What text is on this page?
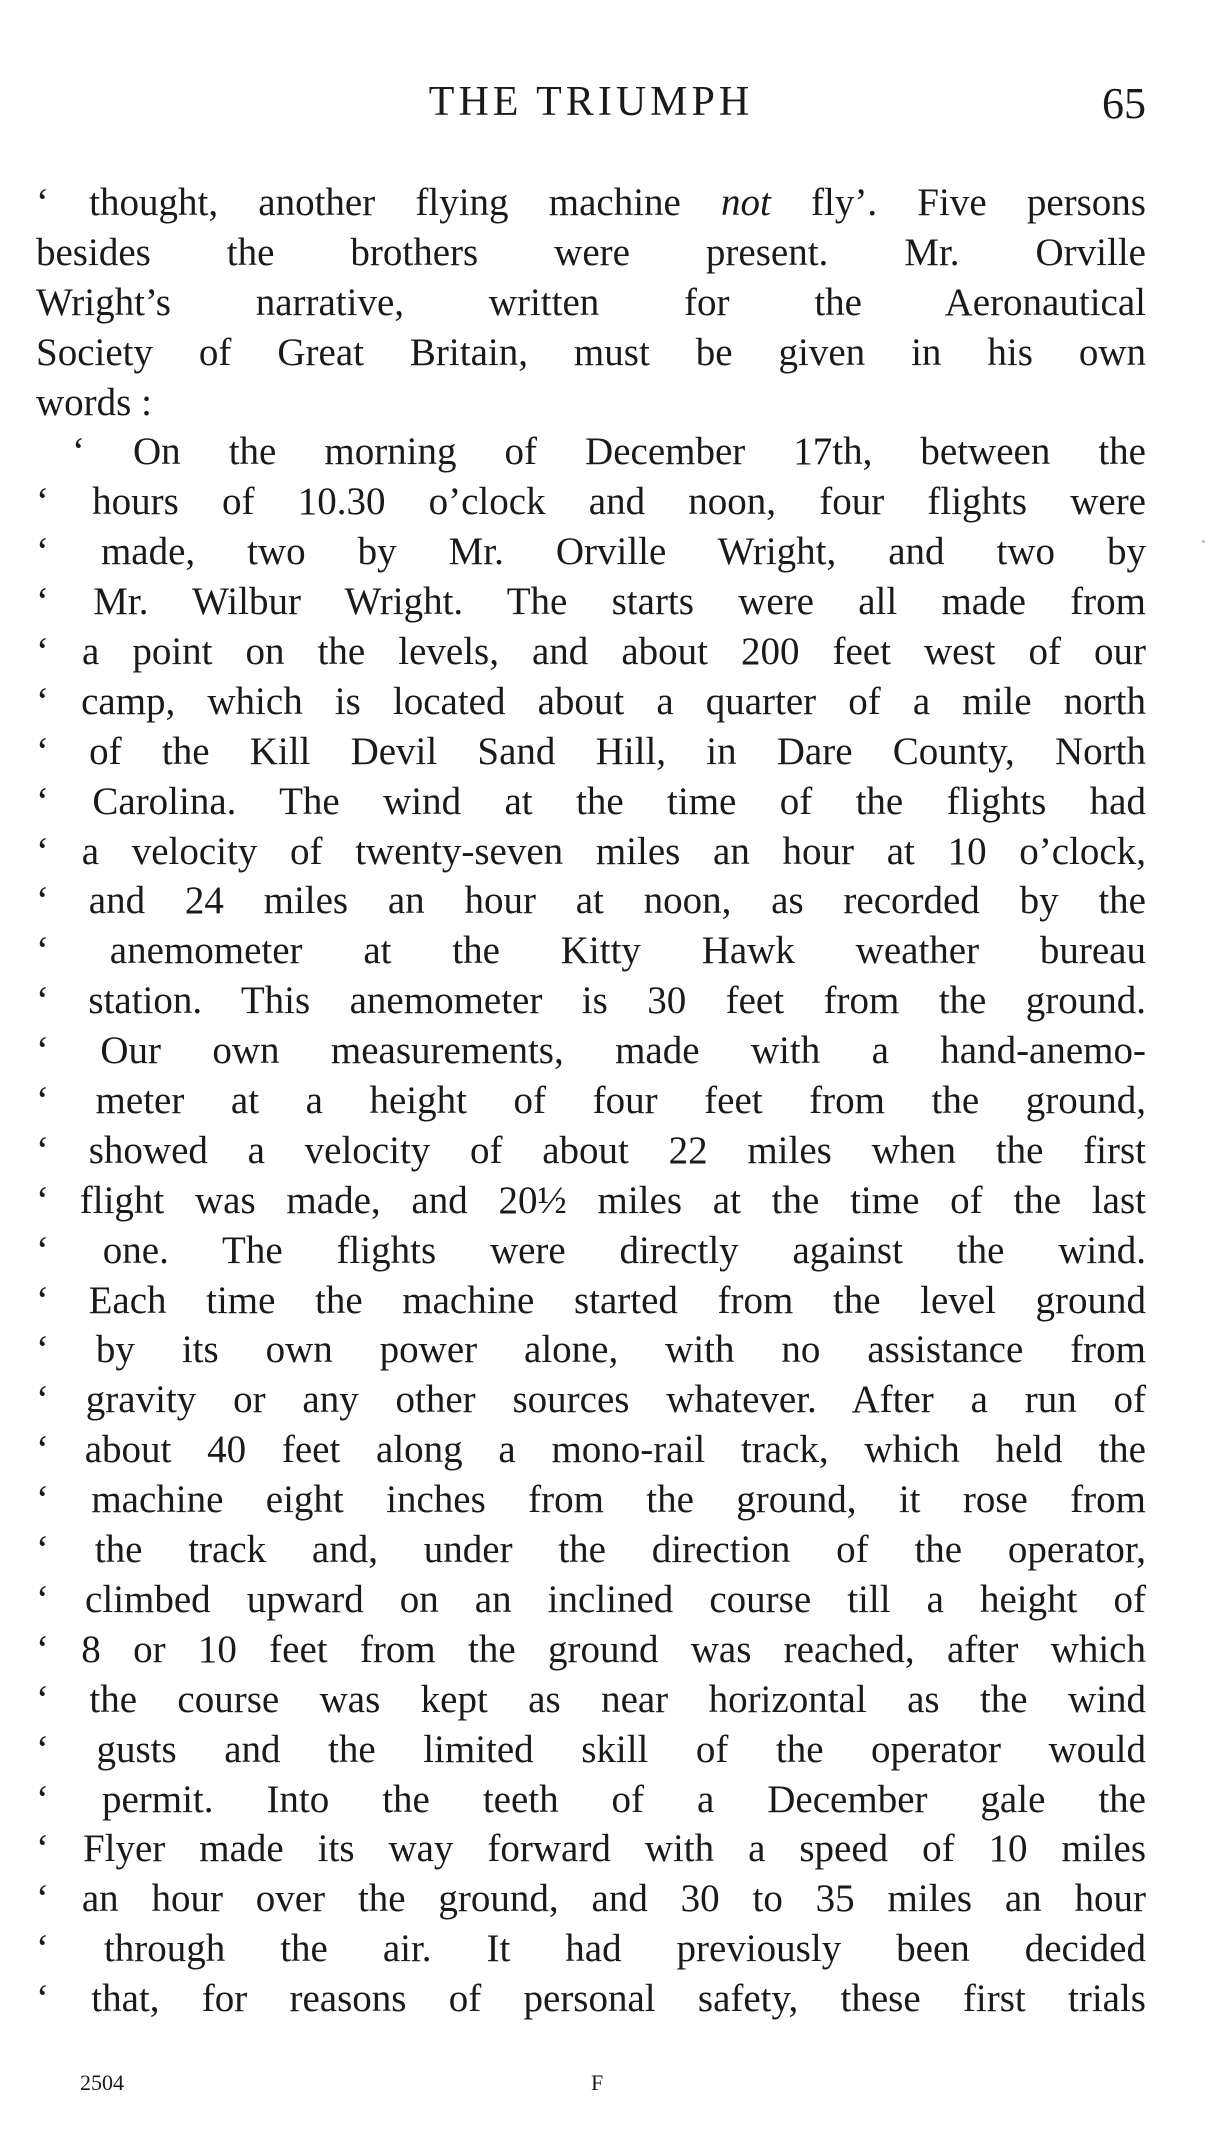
THE TRIUMPH	65
‘ thought, another flying machine not fly’. Five persons
besides the brothers were present. Mr. Orville
Wright’s narrative, written for the Aeronautical
Society of Great Britain, must be given in his own
words :
‘ On the morning of December 17th, between the
‘ hours of 10.30 o’clock and noon, four flights were
‘ made, two by Mr. Orville Wright, and two by
‘ Mr. Wilbur Wright. The starts were all made from
‘ a point on the levels, and about 200 feet west of our
‘ camp, which is located about a quarter of a mile north
‘ of the Kill Devil Sand Hill, in Dare County, North
‘ Carolina. The wind at the time of the flights had
‘ a velocity of twenty-seven miles an hour at 10 o’clock,
‘ and 24 miles an hour at noon, as recorded by the
‘ anemometer at the Kitty Hawk weather bureau
‘ station. This anemometer is 30 feet from the ground.
‘ Our own measurements, made with a hand-anemo-
‘ meter at a height of four feet from the ground,
‘ showed a velocity of about 22 miles when the first
‘ flight was made, and 20½ miles at the time of the last
‘ one. The flights were directly against the wind.
‘ Each time the machine started from the level ground
‘ by its own power alone, with no assistance from
‘ gravity or any other sources whatever. After a run of
‘ about 40 feet along a mono-rail track, which held the
‘ machine eight inches from the ground, it rose from
‘ the track and, under the direction of the operator,
‘ climbed upward on an inclined course till a height of
‘ 8 or 10 feet from the ground was reached, after which
‘ the course was kept as near horizontal as the wind
‘ gusts and the limited skill of the operator would
‘ permit. Into the teeth of a December gale the
‘ Flyer made its way forward with a speed of 10 miles
‘ an hour over the ground, and 30 to 35 miles an hour
‘ through the air. It had previously been decided
‘ that, for reasons of personal safety, these first trials
2504	F
